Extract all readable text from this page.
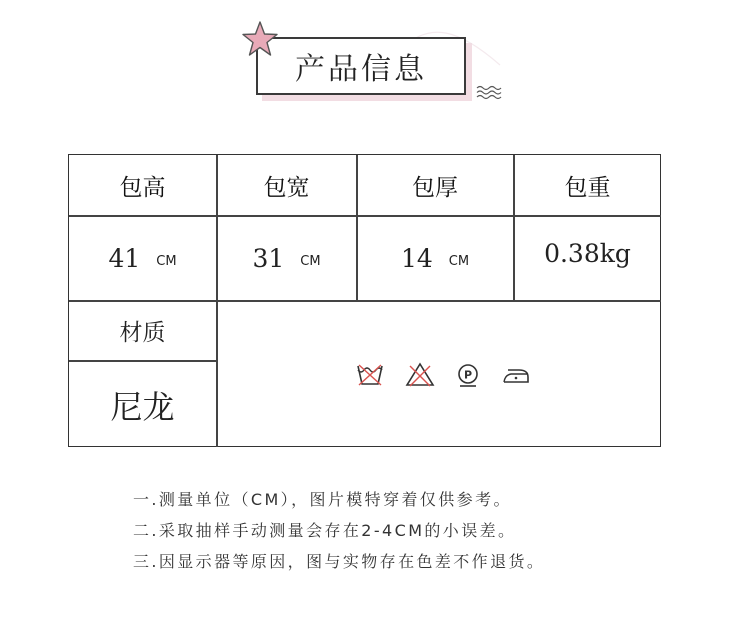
产品信息
包高	包宽	包厚	包重
41 CM	31 CM	14 CM	0.38kg
材质
尼龙
P
一.测量单位（CM），图片模特穿着仅供参考。
二.采取抽样手动测量会存在2-4CM的小误差。
三.因显示器等原因，图与实物存在色差不作退货。
